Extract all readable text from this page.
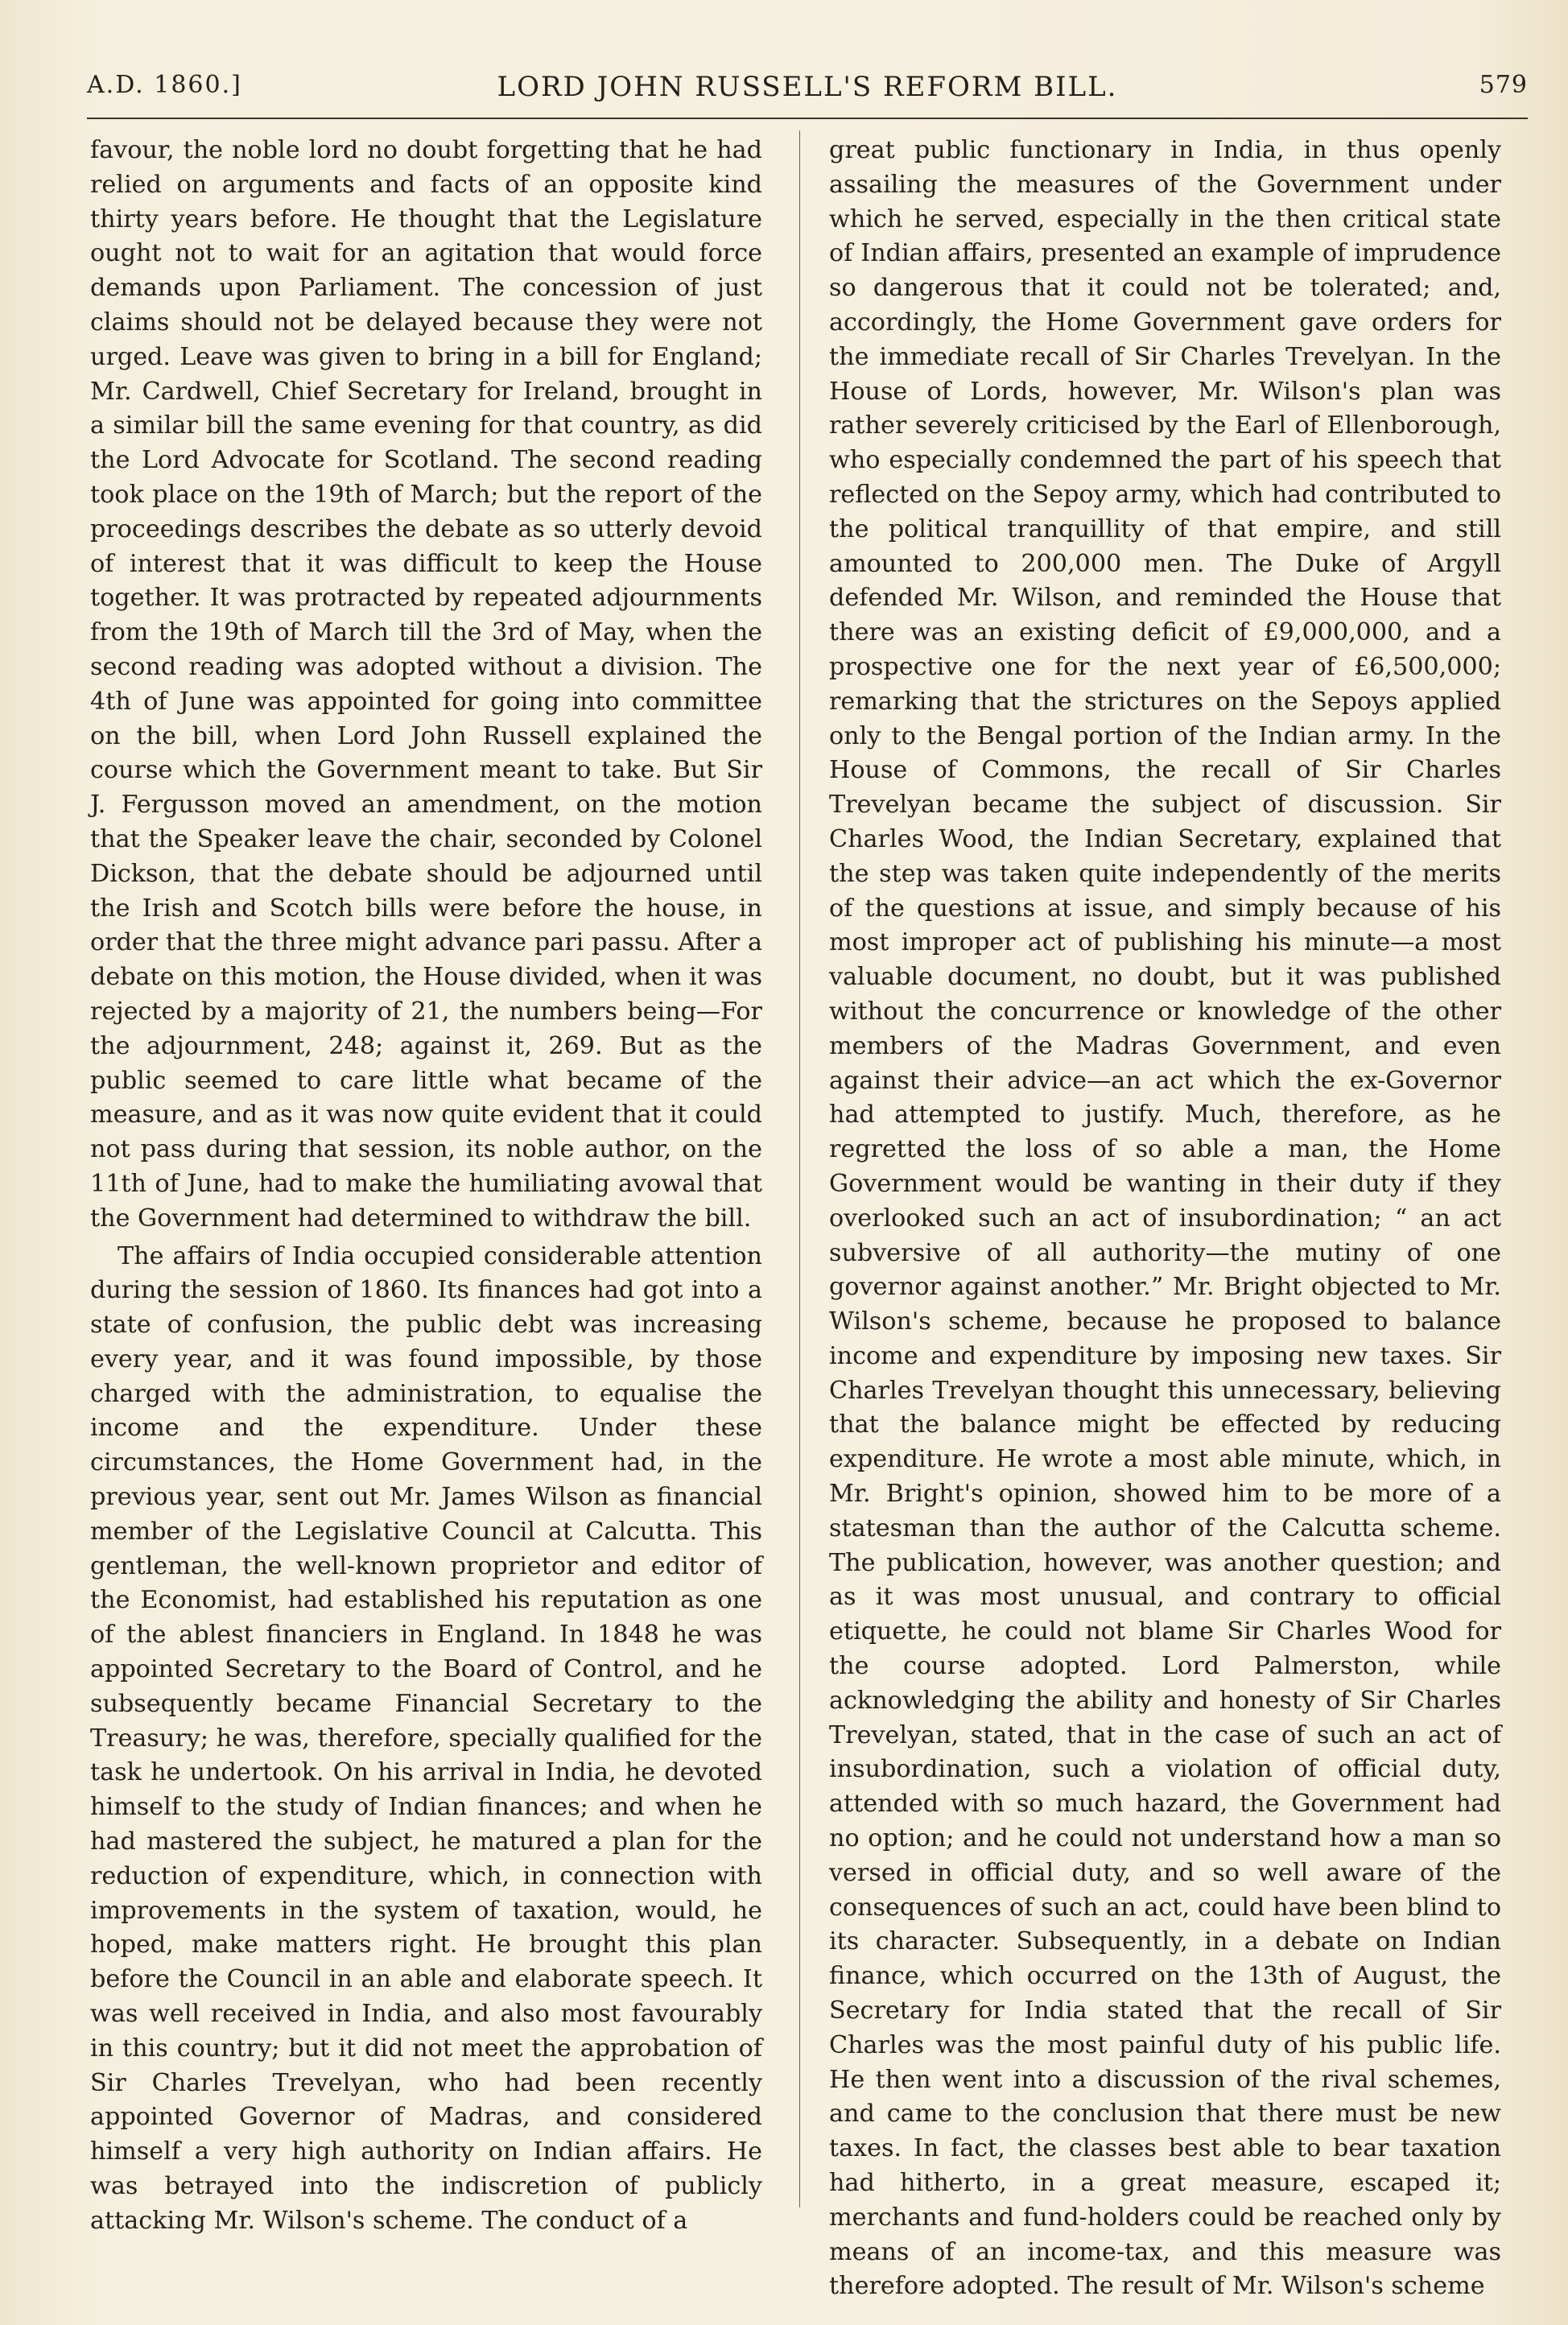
A.D. 1860.]	LORD JOHN RUSSELL'S REFORM BILL.	579

favour, the noble lord no doubt forgetting that he had relied on arguments and facts of an opposite kind thirty years before. He thought that the Legislature ought not to wait for an agitation that would force demands upon Parliament. The concession of just claims should not be delayed because they were not urged. Leave was given to bring in a bill for England; Mr. Cardwell, Chief Secretary for Ireland, brought in a similar bill the same evening for that country, as did the Lord Advocate for Scotland. The second reading took place on the 19th of March; but the report of the proceedings describes the debate as so utterly devoid of interest that it was difficult to keep the House together. It was protracted by repeated adjournments from the 19th of March till the 3rd of May, when the second reading was adopted without a division. The 4th of June was appointed for going into committee on the bill, when Lord John Russell explained the course which the Government meant to take. But Sir J. Fergusson moved an amendment, on the motion that the Speaker leave the chair, seconded by Colonel Dickson, that the debate should be adjourned until the Irish and Scotch bills were before the house, in order that the three might advance pari passu. After a debate on this motion, the House divided, when it was rejected by a majority of 21, the numbers being—For the adjournment, 248; against it, 269. But as the public seemed to care little what became of the measure, and as it was now quite evident that it could not pass during that session, its noble author, on the 11th of June, had to make the humiliating avowal that the Government had determined to withdraw the bill.

The affairs of India occupied considerable attention during the session of 1860. Its finances had got into a state of confusion, the public debt was increasing every year, and it was found impossible, by those charged with the administration, to equalise the income and the expenditure. Under these circumstances, the Home Government had, in the previous year, sent out Mr. James Wilson as financial member of the Legislative Council at Calcutta. This gentleman, the well-known proprietor and editor of the Economist, had established his reputation as one of the ablest financiers in England. In 1848 he was appointed Secretary to the Board of Control, and he subsequently became Financial Secretary to the Treasury; he was, therefore, specially qualified for the task he undertook. On his arrival in India, he devoted himself to the study of Indian finances; and when he had mastered the subject, he matured a plan for the reduction of expenditure, which, in connection with improvements in the system of taxation, would, he hoped, make matters right. He brought this plan before the Council in an able and elaborate speech. It was well received in India, and also most favourably in this country; but it did not meet the approbation of Sir Charles Trevelyan, who had been recently appointed Governor of Madras, and considered himself a very high authority on Indian affairs. He was betrayed into the indiscretion of publicly attacking Mr. Wilson's scheme. The conduct of a

great public functionary in India, in thus openly assailing the measures of the Government under which he served, especially in the then critical state of Indian affairs, presented an example of imprudence so dangerous that it could not be tolerated; and, accordingly, the Home Government gave orders for the immediate recall of Sir Charles Trevelyan. In the House of Lords, however, Mr. Wilson's plan was rather severely criticised by the Earl of Ellenborough, who especially condemned the part of his speech that reflected on the Sepoy army, which had contributed to the political tranquillity of that empire, and still amounted to 200,000 men. The Duke of Argyll defended Mr. Wilson, and reminded the House that there was an existing deficit of £9,000,000, and a prospective one for the next year of £6,500,000; remarking that the strictures on the Sepoys applied only to the Bengal portion of the Indian army. In the House of Commons, the recall of Sir Charles Trevelyan became the subject of discussion. Sir Charles Wood, the Indian Secretary, explained that the step was taken quite independently of the merits of the questions at issue, and simply because of his most improper act of publishing his minute—a most valuable document, no doubt, but it was published without the concurrence or knowledge of the other members of the Madras Government, and even against their advice—an act which the ex-Governor had attempted to justify. Much, therefore, as he regretted the loss of so able a man, the Home Government would be wanting in their duty if they overlooked such an act of insubordination; “ an act subversive of all authority—the mutiny of one governor against another.” Mr. Bright objected to Mr. Wilson's scheme, because he proposed to balance income and expenditure by imposing new taxes. Sir Charles Trevelyan thought this unnecessary, believing that the balance might be effected by reducing expenditure. He wrote a most able minute, which, in Mr. Bright's opinion, showed him to be more of a statesman than the author of the Calcutta scheme. The publication, however, was another question; and as it was most unusual, and contrary to official etiquette, he could not blame Sir Charles Wood for the course adopted. Lord Palmerston, while acknowledging the ability and honesty of Sir Charles Trevelyan, stated, that in the case of such an act of insubordination, such a violation of official duty, attended with so much hazard, the Government had no option; and he could not understand how a man so versed in official duty, and so well aware of the consequences of such an act, could have been blind to its character. Subsequently, in a debate on Indian finance, which occurred on the 13th of August, the Secretary for India stated that the recall of Sir Charles was the most painful duty of his public life. He then went into a discussion of the rival schemes, and came to the conclusion that there must be new taxes. In fact, the classes best able to bear taxation had hitherto, in a great measure, escaped it; merchants and fund-holders could be reached only by means of an income-tax, and this measure was therefore adopted. The result of Mr. Wilson's scheme
